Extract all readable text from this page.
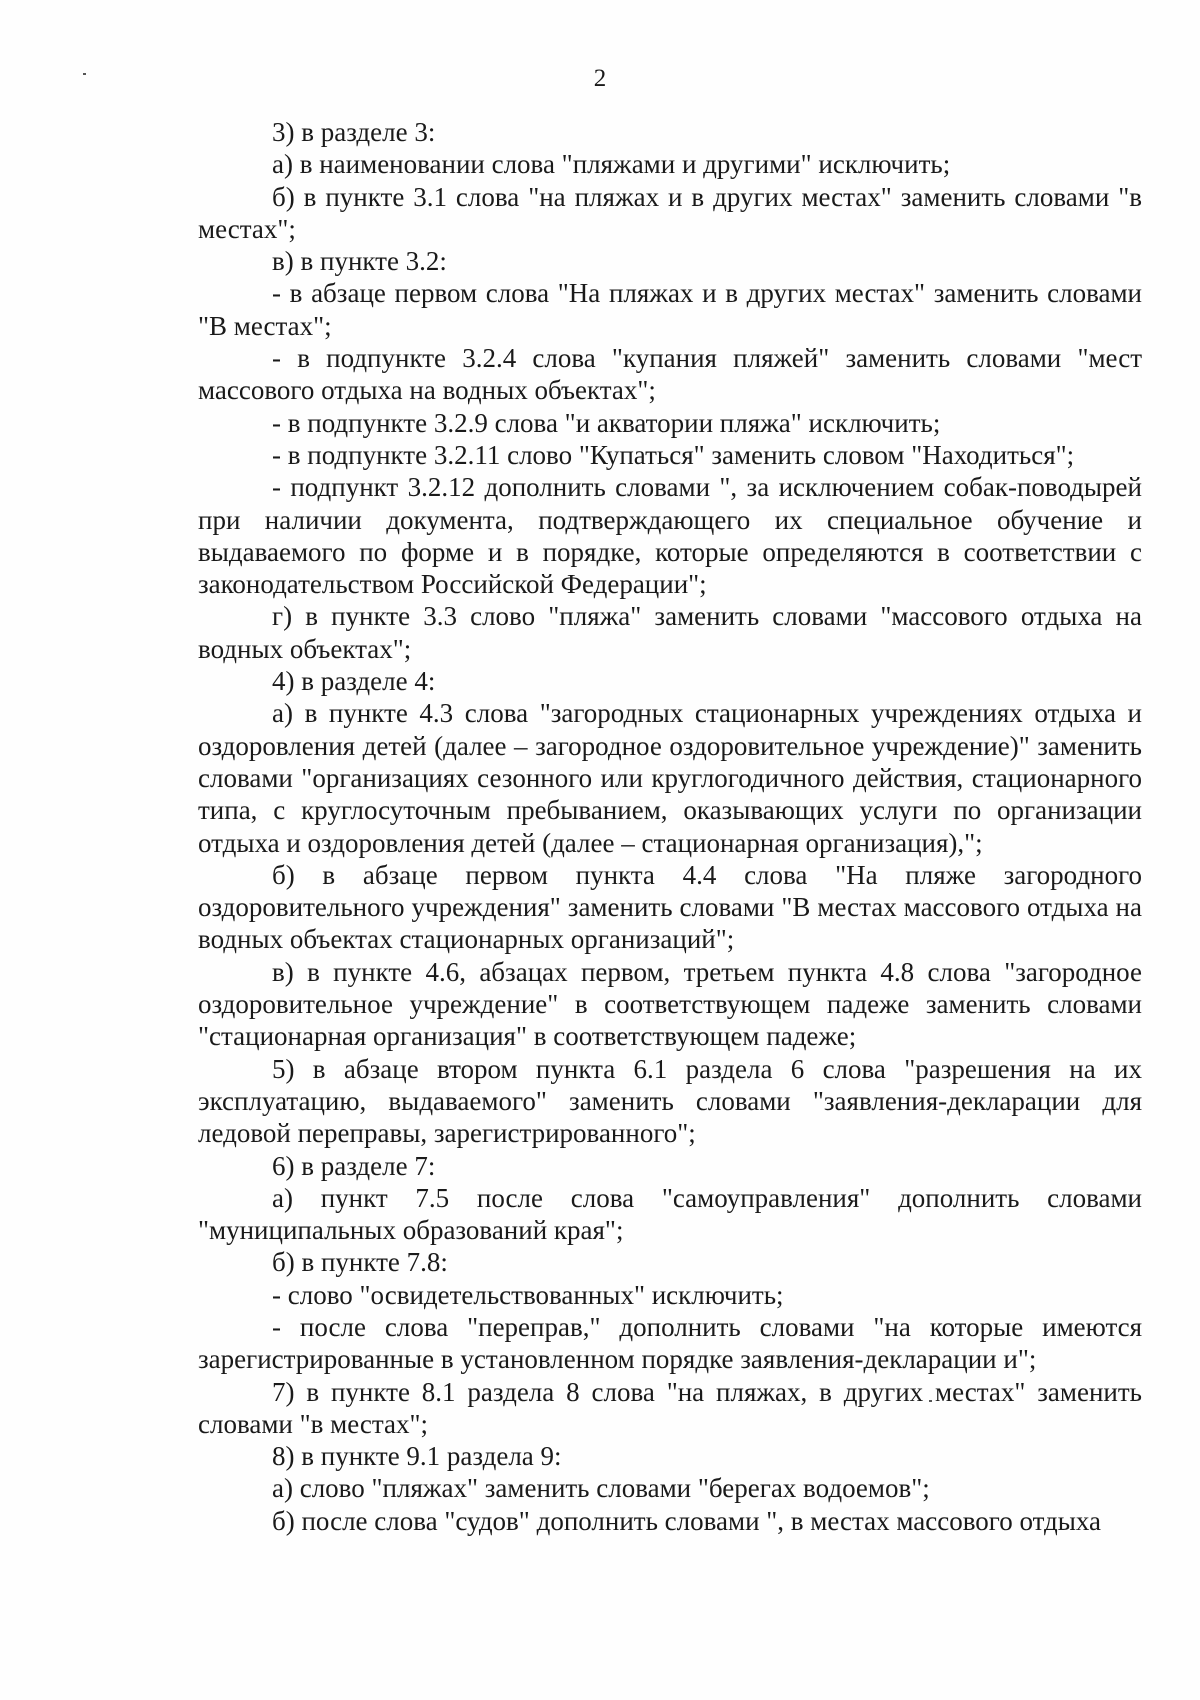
2

3) в разделе 3:

а) в наименовании слова "пляжами и другими" исключить;

б) в пункте 3.1 слова "на пляжах и в других местах" заменить словами "в местах";

в) в пункте 3.2:

- в абзаце первом слова "На пляжах и в других местах" заменить словами "В местах";

- в подпункте 3.2.4 слова "купания пляжей" заменить словами "мест массового отдыха на водных объектах";

- в подпункте 3.2.9 слова "и акватории пляжа" исключить;

- в подпункте 3.2.11 слово "Купаться" заменить словом "Находиться";

- подпункт 3.2.12 дополнить словами ", за исключением собак-поводырей при наличии документа, подтверждающего их специальное обучение и выдаваемого по форме и в порядке, которые определяются в соответствии с законодательством Российской Федерации";

г) в пункте 3.3 слово "пляжа" заменить словами "массового отдыха на водных объектах";

4) в разделе 4:

а) в пункте 4.3 слова "загородных стационарных учреждениях отдыха и оздоровления детей (далее – загородное оздоровительное учреждение)" заменить словами "организациях сезонного или круглогодичного действия, стационарного типа, с круглосуточным пребыванием, оказывающих услуги по организации отдыха и оздоровления детей (далее – стационарная организация),";

б) в абзаце первом пункта 4.4 слова "На пляже загородного оздоровительного учреждения" заменить словами "В местах массового отдыха на водных объектах стационарных организаций";

в) в пункте 4.6, абзацах первом, третьем пункта 4.8 слова "загородное оздоровительное учреждение" в соответствующем падеже заменить словами "стационарная организация" в соответствующем падеже;

5) в абзаце втором пункта 6.1 раздела 6 слова "разрешения на их эксплуатацию, выдаваемого" заменить словами "заявления-декларации для ледовой переправы, зарегистрированного";

6) в разделе 7:

а) пункт 7.5 после слова "самоуправления" дополнить словами "муниципальных образований края";

б) в пункте 7.8:

- слово "освидетельствованных" исключить;

- после слова "переправ," дополнить словами "на которые имеются зарегистрированные в установленном порядке заявления-декларации и";

7) в пункте 8.1 раздела 8 слова "на пляжах, в других местах" заменить словами "в местах";

8) в пункте 9.1 раздела 9:

а) слово "пляжах" заменить словами "берегах водоемов";

б) после слова "судов" дополнить словами ", в местах массового отдыха
